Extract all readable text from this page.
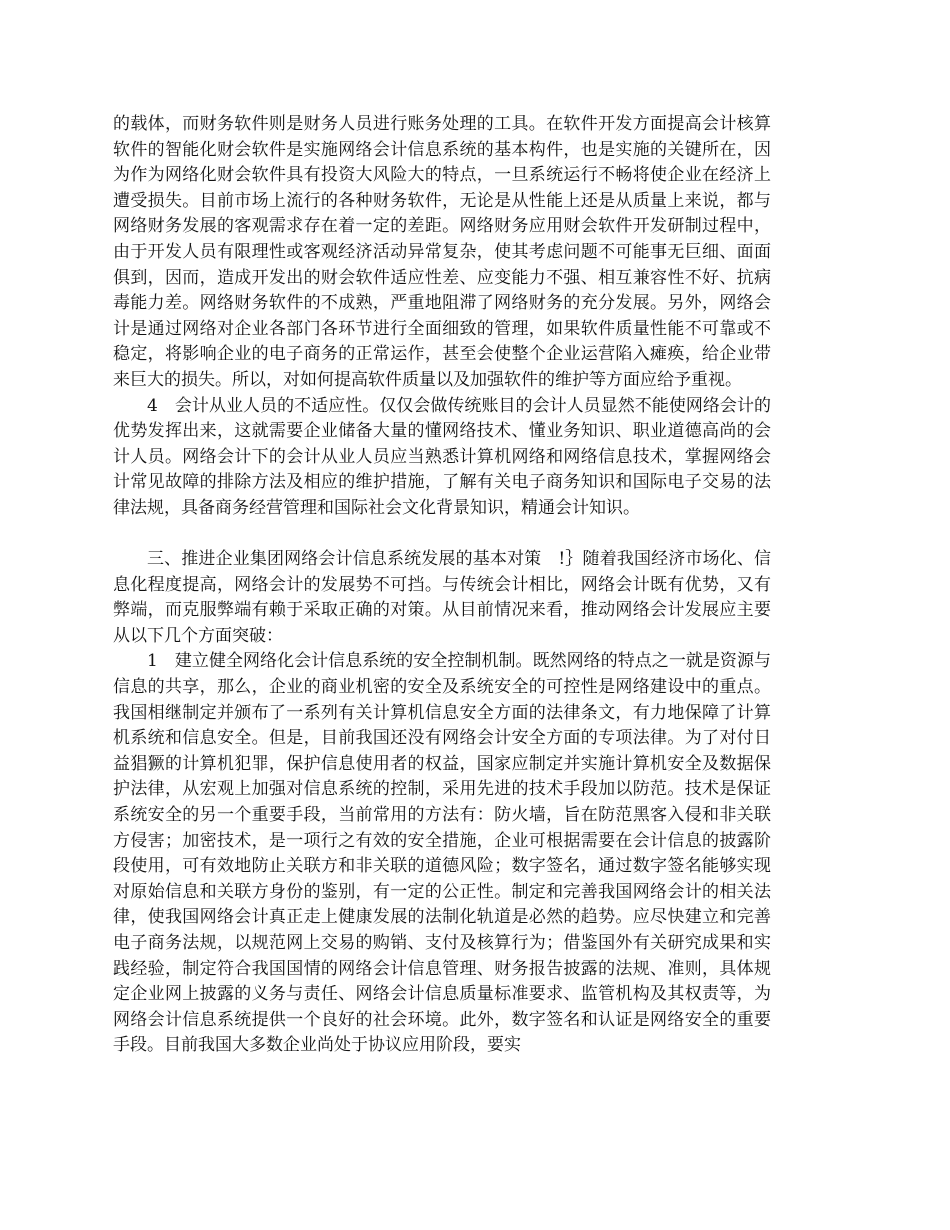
的载体，而财务软件则是财务人员进行账务处理的工具。在软件开发方面提高会计核算软件的智能化财会软件是实施网络会计信息系统的基本构件，也是实施的关键所在，因为作为网络化财会软件具有投资大风险大的特点，一旦系统运行不畅将使企业在经济上遭受损失。目前市场上流行的各种财务软件，无论是从性能上还是从质量上来说，都与网络财务发展的客观需求存在着一定的差距。网络财务应用财会软件开发研制过程中，由于开发人员有限理性或客观经济活动异常复杂，使其考虑问题不可能事无巨细、面面俱到，因而，造成开发出的财会软件适应性差、应变能力不强、相互兼容性不好、抗病毒能力差。网络财务软件的不成熟，严重地阻滞了网络财务的充分发展。另外，网络会计是通过网络对企业各部门各环节进行全面细致的管理，如果软件质量性能不可靠或不稳定，将影响企业的电子商务的正常运作，甚至会使整个企业运营陷入瘫痪，给企业带来巨大的损失。所以，对如何提高软件质量以及加强软件的维护等方面应给予重视。

4　会计从业人员的不适应性。仅仅会做传统账目的会计人员显然不能使网络会计的优势发挥出来，这就需要企业储备大量的懂网络技术、懂业务知识、职业道德高尚的会计人员。网络会计下的会计从业人员应当熟悉计算机网络和网络信息技术，掌握网络会计常见故障的排除方法及相应的维护措施，了解有关电子商务知识和国际电子交易的法律法规，具备商务经营管理和国际社会文化背景知识，精通会计知识。

三、推进企业集团网络会计信息系统发展的基本对策　!｝随着我国经济市场化、信息化程度提高，网络会计的发展势不可挡。与传统会计相比，网络会计既有优势，又有弊端，而克服弊端有赖于采取正确的对策。从目前情况来看，推动网络会计发展应主要从以下几个方面突破：

1　建立健全网络化会计信息系统的安全控制机制。既然网络的特点之一就是资源与信息的共享，那么，企业的商业机密的安全及系统安全的可控性是网络建设中的重点。我国相继制定并颁布了一系列有关计算机信息安全方面的法律条文，有力地保障了计算机系统和信息安全。但是，目前我国还没有网络会计安全方面的专项法律。为了对付日益猖獗的计算机犯罪，保护信息使用者的权益，国家应制定并实施计算机安全及数据保护法律，从宏观上加强对信息系统的控制，采用先进的技术手段加以防范。技术是保证系统安全的另一个重要手段，当前常用的方法有：防火墙，旨在防范黑客入侵和非关联方侵害；加密技术，是一项行之有效的安全措施，企业可根据需要在会计信息的披露阶段使用，可有效地防止关联方和非关联的道德风险；数字签名，通过数字签名能够实现对原始信息和关联方身份的鉴别，有一定的公正性。制定和完善我国网络会计的相关法律，使我国网络会计真正走上健康发展的法制化轨道是必然的趋势。应尽快建立和完善电子商务法规，以规范网上交易的购销、支付及核算行为；借鉴国外有关研究成果和实践经验，制定符合我国国情的网络会计信息管理、财务报告披露的法规、准则，具体规定企业网上披露的义务与责任、网络会计信息质量标准要求、监管机构及其权责等，为网络会计信息系统提供一个良好的社会环境。此外，数字签名和认证是网络安全的重要手段。目前我国大多数企业尚处于协议应用阶段，要实
